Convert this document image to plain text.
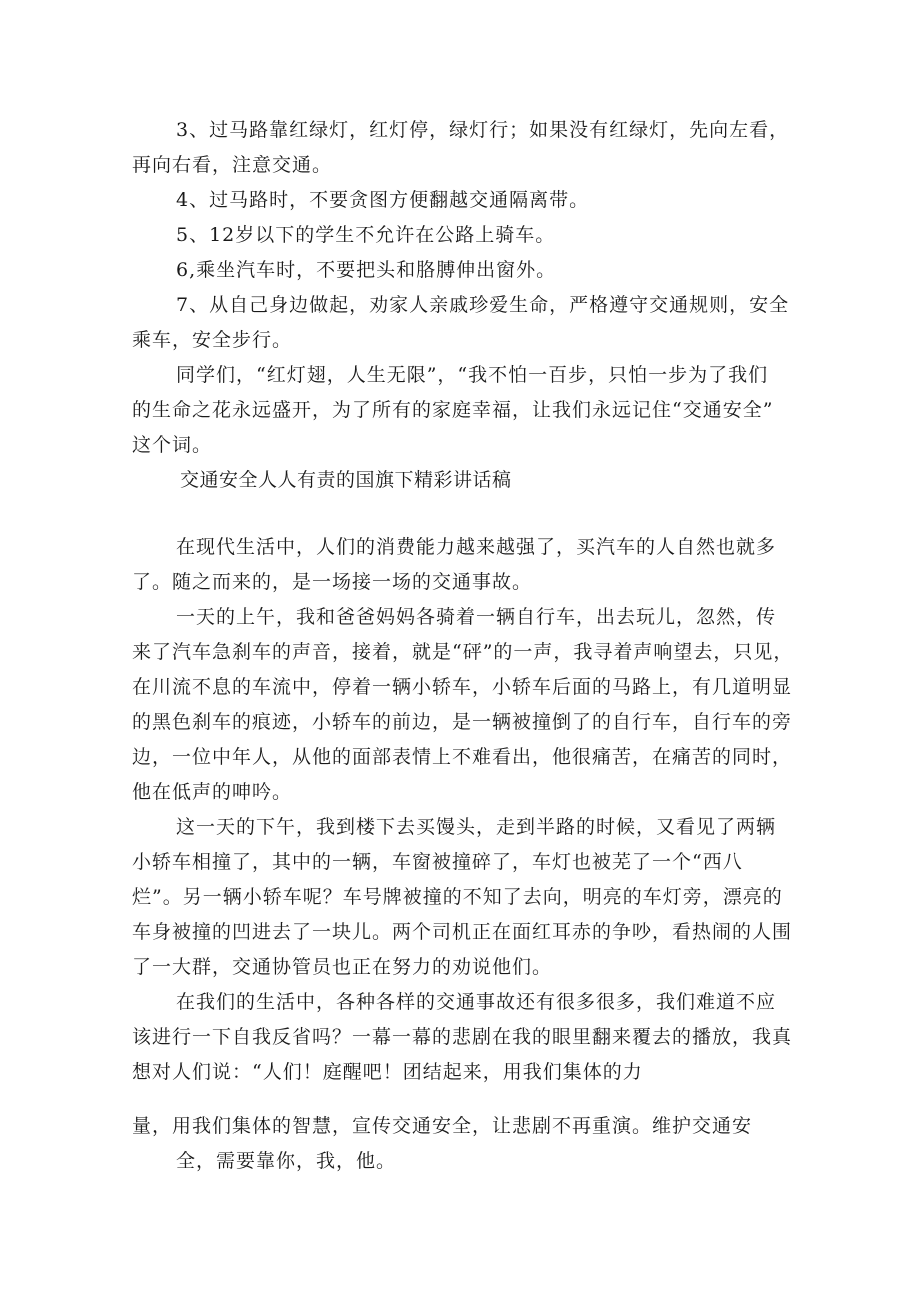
3、过马路靠红绿灯，红灯停，绿灯行；如果没有红绿灯，先向左看，
再向右看，注意交通。
4、过马路时，不要贪图方便翻越交通隔离带。
5、12岁以下的学生不允许在公路上骑车。
6,乘坐汽车时，不要把头和胳膊伸出窗外。
7、从自己身边做起，劝家人亲戚珍爱生命，严格遵守交通规则，安全
乘车，安全步行。
同学们，“红灯翅，人生无限”，“我不怕一百步，只怕一步为了我们
的生命之花永远盛开，为了所有的家庭幸福，让我们永远记住“交通安全”
这个词。
交通安全人人有责的国旗下精彩讲话稿
在现代生活中，人们的消费能力越来越强了，买汽车的人自然也就多
了。随之而来的，是一场接一场的交通事故。
一天的上午，我和爸爸妈妈各骑着一辆自行车，出去玩儿，忽然，传
来了汽车急刹车的声音，接着，就是“砰”的一声，我寻着声响望去，只见，
在川流不息的车流中，停着一辆小轿车，小轿车后面的马路上，有几道明显
的黑色刹车的痕迹，小轿车的前边，是一辆被撞倒了的自行车，自行车的旁
边，一位中年人，从他的面部表情上不难看出，他很痛苦，在痛苦的同时，
他在低声的呻吟。
这一天的下午，我到楼下去买馒头，走到半路的时候，又看见了两辆
小轿车相撞了，其中的一辆，车窗被撞碎了，车灯也被芜了一个“西八
烂”。另一辆小轿车呢？车号牌被撞的不知了去向，明亮的车灯旁，漂亮的
车身被撞的凹进去了一块儿。两个司机正在面红耳赤的争吵，看热闹的人围
了一大群，交通协管员也正在努力的劝说他们。
在我们的生活中，各种各样的交通事故还有很多很多，我们难道不应
该进行一下自我反省吗？一幕一幕的悲剧在我的眼里翻来覆去的播放，我真
想对人们说：“人们！庭醒吧！团结起来，用我们集体的力
量，用我们集体的智慧，宣传交通安全，让悲剧不再重演。维护交通安
全，需要靠你，我，他。
